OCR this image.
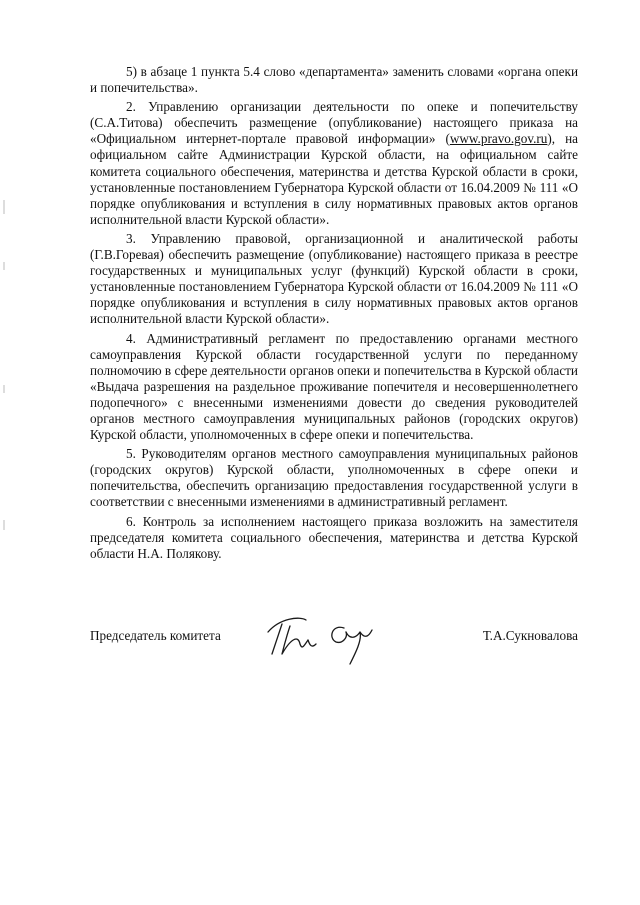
5) в абзаце 1 пункта 5.4 слово «департамента» заменить словами «органа опеки и попечительства».

2. Управлению организации деятельности по опеке и попечительству (С.А.Титова) обеспечить размещение (опубликование) настоящего приказа на «Официальном интернет-портале правовой информации» (www.pravo.gov.ru), на официальном сайте Администрации Курской области, на официальном сайте комитета социального обеспечения, материнства и детства Курской области в сроки, установленные постановлением Губернатора Курской области от 16.04.2009 № 111 «О порядке опубликования и вступления в силу нормативных правовых актов органов исполнительной власти Курской области».

3. Управлению правовой, организационной и аналитической работы (Г.В.Горевая) обеспечить размещение (опубликование) настоящего приказа в реестре государственных и муниципальных услуг (функций) Курской области в сроки, установленные постановлением Губернатора Курской области от 16.04.2009 № 111 «О порядке опубликования и вступления в силу нормативных правовых актов органов исполнительной власти Курской области».

4. Административный регламент по предоставлению органами местного самоуправления Курской области государственной услуги по переданному полномочию в сфере деятельности органов опеки и попечительства в Курской области «Выдача разрешения на раздельное проживание попечителя и несовершеннолетнего подопечного» с внесенными изменениями довести до сведения руководителей органов местного самоуправления муниципальных районов (городских округов) Курской области, уполномоченных в сфере опеки и попечительства.

5. Руководителям органов местного самоуправления муниципальных районов (городских округов) Курской области, уполномоченных в сфере опеки и попечительства, обеспечить организацию предоставления государственной услуги в соответствии с внесенными изменениями в административный регламент.

6. Контроль за исполнением настоящего приказа возложить на заместителя председателя комитета социального обеспечения, материнства и детства Курской области Н.А. Полякову.

Председатель комитета	Т.А.Сукновалова
